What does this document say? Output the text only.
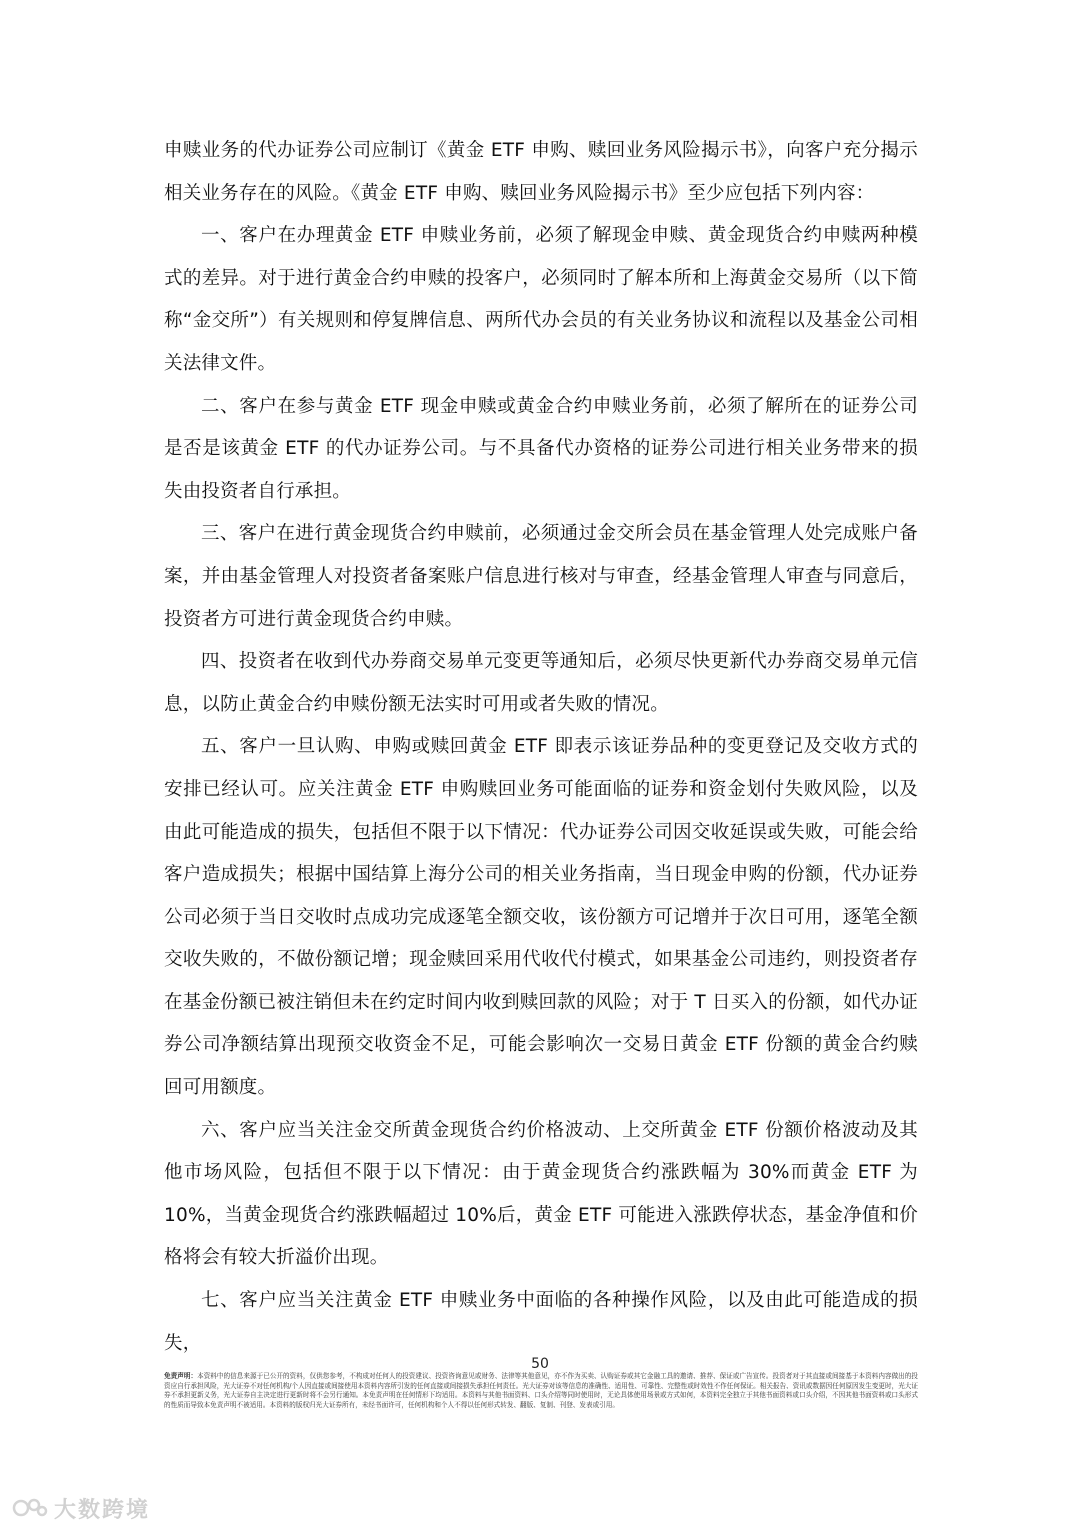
申赎业务的代办证券公司应制订《黄金 ETF 申购、赎回业务风险揭示书》，向客户充分揭示相关业务存在的风险。《黄金 ETF 申购、赎回业务风险揭示书》至少应包括下列内容：

一、客户在办理黄金 ETF 申赎业务前，必须了解现金申赎、黄金现货合约申赎两种模式的差异。对于进行黄金合约申赎的投客户，必须同时了解本所和上海黄金交易所（以下简称“金交所”）有关规则和停复牌信息、两所代办会员的有关业务协议和流程以及基金公司相关法律文件。

二、客户在参与黄金 ETF 现金申赎或黄金合约申赎业务前，必须了解所在的证券公司是否是该黄金 ETF 的代办证券公司。与不具备代办资格的证券公司进行相关业务带来的损失由投资者自行承担。

三、客户在进行黄金现货合约申赎前，必须通过金交所会员在基金管理人处完成账户备案，并由基金管理人对投资者备案账户信息进行核对与审查，经基金管理人审查与同意后，投资者方可进行黄金现货合约申赎。

四、投资者在收到代办券商交易单元变更等通知后，必须尽快更新代办券商交易单元信息，以防止黄金合约申赎份额无法实时可用或者失败的情况。

五、客户一旦认购、申购或赎回黄金 ETF 即表示该证券品种的变更登记及交收方式的安排已经认可。应关注黄金 ETF 申购赎回业务可能面临的证券和资金划付失败风险，以及由此可能造成的损失，包括但不限于以下情况：代办证券公司因交收延误或失败，可能会给客户造成损失；根据中国结算上海分公司的相关业务指南，当日现金申购的份额，代办证券公司必须于当日交收时点成功完成逐笔全额交收，该份额方可记增并于次日可用，逐笔全额交收失败的，不做份额记增；现金赎回采用代收代付模式，如果基金公司违约，则投资者存在基金份额已被注销但未在约定时间内收到赎回款的风险；对于 T 日买入的份额，如代办证券公司净额结算出现预交收资金不足，可能会影响次一交易日黄金 ETF 份额的黄金合约赎回可用额度。

六、客户应当关注金交所黄金现货合约价格波动、上交所黄金 ETF 份额价格波动及其他市场风险，包括但不限于以下情况：由于黄金现货合约涨跌幅为 30%而黄金 ETF 为 10%，当黄金现货合约涨跌幅超过 10%后，黄金 ETF 可能进入涨跌停状态，基金净值和价格将会有较大折溢价出现。

七、客户应当关注黄金 ETF 申赎业务中面临的各种操作风险，以及由此可能造成的损失，

50
免责声明：本资料中的信息来源于已公开的资料，仅供您参考，不构成对任何人的投资建议、投资咨询意见或财务、法律等其他意见，亦不作为买卖、认购证券或其它金融工具的邀请、推荐、保证或广告宣传。投资者对于其直接或间接基于本资料内容做出的投资应自行承担风险，光大证券不对任何机构/个人因直接或间接使用本资料内容所引发的任何直接或间接损失承担任何责任。光大证券对该等信息的准确性、适用性、可靠性、完整性或时效性不作任何保证。相关报告、资讯或数据因任何原因发生变更时，光大证券不承担更新义务，光大证券自主决定进行更新时将不会另行通知。本免责声明在任何情形下均适用。本资料与其他书面资料、口头介绍等同时使用时，无论具体使用场景或方式如何，本资料完全独立于其他书面资料或口头介绍，不因其他书面资料或口头形式的性质而导致本免责声明不被适用。本资料的版权归光大证券所有，未经书面许可，任何机构和个人不得以任何形式转发、翻版、复制、刊登、发表或引用。
大数跨境
